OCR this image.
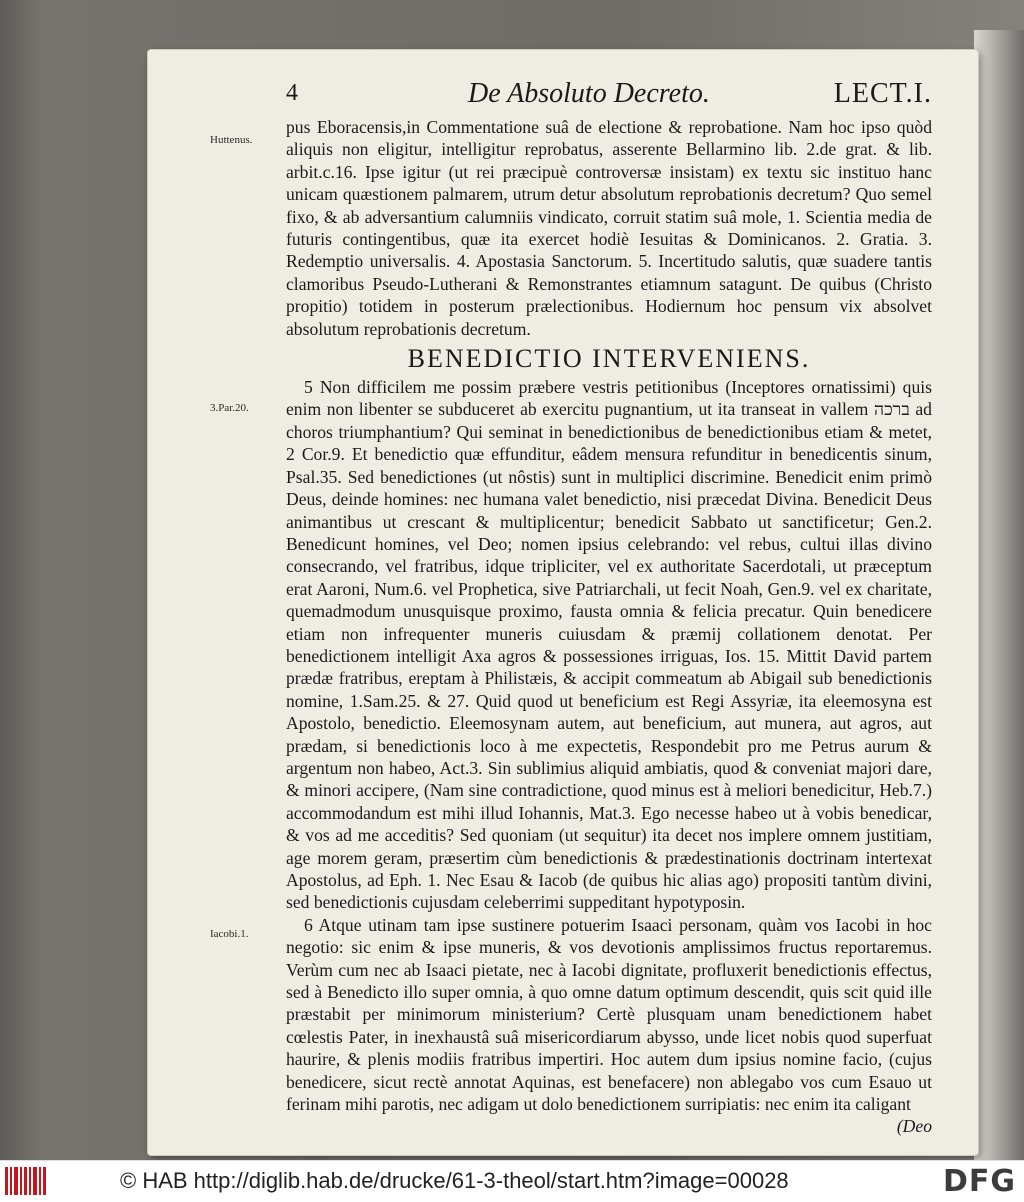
4	De Absoluto Decreto.	LECT.I.
Huttenus.
3.Par.20.
Iacobi.1.

pus Eboracensis,in Commentatione suâ de electione & reprobatione. Nam hoc ipso quòd aliquis non eligitur, intelligitur reprobatus, asserente Bellarmino lib. 2.de grat. & lib. arbit.c.16. Ipse igitur (ut rei præcipuè controversæ insistam) ex textu sic instituo hanc unicam quæstionem palmarem, utrum detur absolutum reprobationis decretum? Quo semel fixo, & ab adversantium calumniis vindicato, corruit statim suâ mole, 1. Scientia media de futuris contingentibus, quæ ita exercet hodiè Iesuitas & Dominicanos. 2. Gratia. 3. Redemptio universalis. 4. Apostasia Sanctorum. 5. Incertitudo salutis, quæ suadere tantis clamoribus Pseudo-Lutherani & Remonstrantes etiamnum satagunt. De quibus (Christo propitio) totidem in posterum prælectionibus. Hodiernum hoc pensum vix absolvet absolutum reprobationis decretum.

BENEDICTIO INTERVENIENS.

5 Non difficilem me possim præbere vestris petitionibus (Inceptores ornatissimi) quis enim non libenter se subduceret ab exercitu pugnantium, ut ita transeat in vallem ברכה ad choros triumphantium? Qui seminat in benedictionibus de benedictionibus etiam & metet, 2 Cor.9. Et benedictio quæ effunditur, eâdem mensura refunditur in benedicentis sinum, Psal.35. Sed benedictiones (ut nôstis) sunt in multiplici discrimine. Benedicit enim primò Deus, deinde homines: nec humana valet benedictio, nisi præcedat Divina. Benedicit Deus animantibus ut crescant & multiplicentur; benedicit Sabbato ut sanctificetur; Gen.2. Benedicunt homines, vel Deo; nomen ipsius celebrando: vel rebus, cultui illas divino consecrando, vel fratribus, idque tripliciter, vel ex authoritate Sacerdotali, ut præceptum erat Aaroni, Num.6. vel Prophetica, sive Patriarchali, ut fecit Noah, Gen.9. vel ex charitate, quemadmodum unusquisque proximo, fausta omnia & felicia precatur. Quin benedicere etiam non infrequenter muneris cuiusdam & præmij collationem denotat. Per benedictionem intelligit Axa agros & possessiones irriguas, Ios. 15. Mittit David partem prædæ fratribus, ereptam à Philistæis, & accipit commeatum ab Abigail sub benedictionis nomine, 1.Sam.25. & 27. Quid quod ut beneficium est Regi Assyriæ, ita eleemosyna est Apostolo, benedictio. Eleemosynam autem, aut beneficium, aut munera, aut agros, aut prædam, si benedictionis loco à me expectetis, Respondebit pro me Petrus aurum & argentum non habeo, Act.3. Sin sublimius aliquid ambiatis, quod & conveniat majori dare, & minori accipere, (Nam sine contradictione, quod minus est à meliori benedicitur, Heb.7.) accommodandum est mihi illud Iohannis, Mat.3. Ego necesse habeo ut à vobis benedicar, & vos ad me acceditis? Sed quoniam (ut sequitur) ita decet nos implere omnem justitiam, age morem geram, præsertim cùm benedictionis & prædestinationis doctrinam intertexat Apostolus, ad Eph. 1. Nec Esau & Iacob (de quibus hic alias ago) propositi tantùm divini, sed benedictionis cujusdam celeberrimi suppeditant hypotyposin.

6 Atque utinam tam ipse sustinere potuerim Isaaci personam, quàm vos Iacobi in hoc negotio: sic enim & ipse muneris, & vos devotionis amplissimos fructus reportaremus. Verùm cum nec ab Isaaci pietate, nec à Iacobi dignitate, profluxerit benedictionis effectus, sed à Benedicto illo super omnia, à quo omne datum optimum descendit, quis scit quid ille præstabit per minimorum ministerium? Certè plusquam unam benedictionem habet cœlestis Pater, in inexhaustâ suâ misericordiarum abysso, unde licet nobis quod superfuat haurire, & plenis modiis fratribus impertiri. Hoc autem dum ipsius nomine facio, (cujus benedicere, sicut rectè annotat Aquinas, est benefacere) non ablegabo vos cum Esauo ut ferinam mihi parotis, nec adigam ut dolo benedictionem surripiatis: nec enim ita caligant

(Deo

© HAB http://diglib.hab.de/drucke/61-3-theol/start.htm?image=00028	DFG
